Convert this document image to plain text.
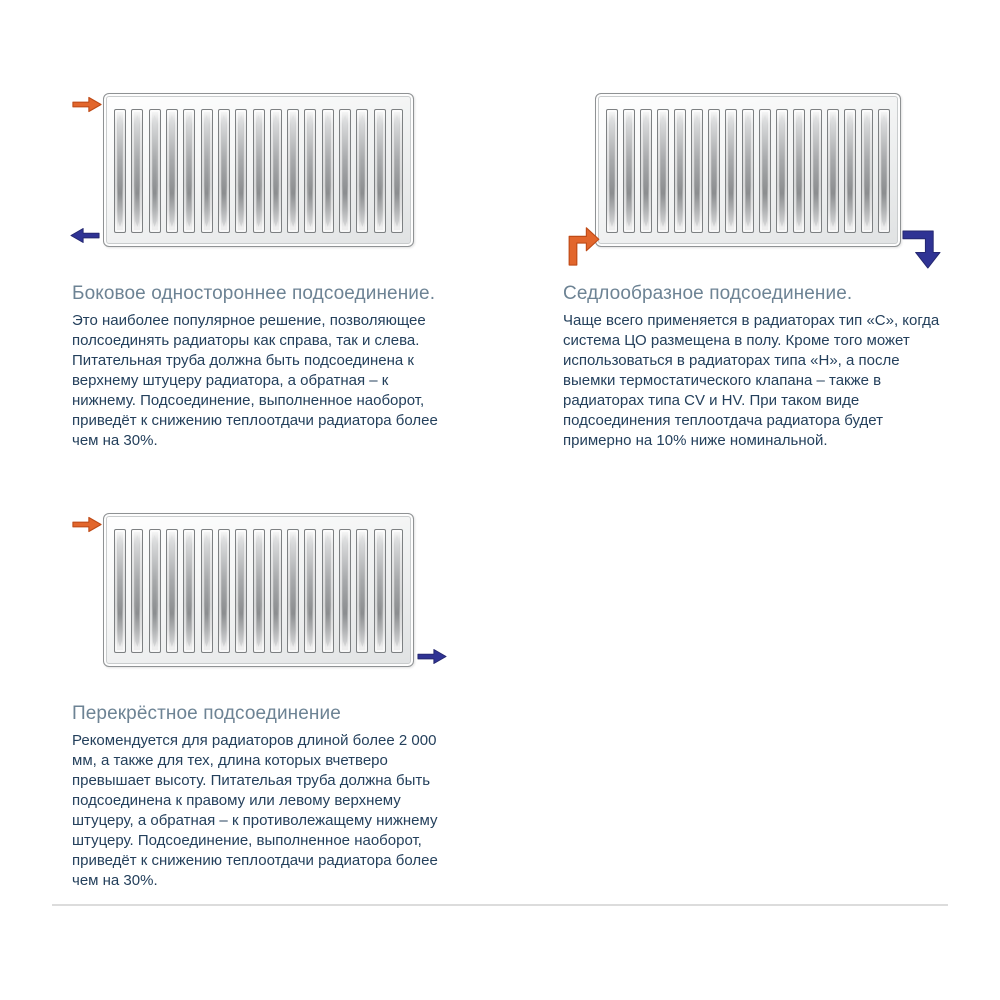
Боковое одностороннее подсоединение.

Это наиболее популярное решение, позволяющее полсоединять радиаторы как справа, так и слева. Питательная труба должна быть подсоединена к верхнему штуцеру радиатора, а обратная – к нижнему. Подсоединение, выполненное наоборот, приведёт к снижению теплоотдачи радиатора более чем на 30%.

Седлообразное подсоединение.

Чаще всего применяется в радиаторах тип «C», когда система ЦО размещена в полу. Кроме того может использоваться в радиаторах типа «H», а после выемки термостатического клапана – также в радиаторах типа CV и HV. При таком виде подсоединения теплоотдача радиатора будет примерно на 10% ниже номинальной.

Перекрёстное подсоединение

Рекомендуется для радиаторов длиной более 2 000 мм, а также для тех, длина которых вчетверо превышает высоту. Питательая труба должна быть подсоединена к правому или левому верхнему штуцеру, а обратная – к противолежащему нижнему штуцеру. Подсоединение, выполненное наоборот, приведёт к снижению теплоотдачи радиатора более чем на 30%.
